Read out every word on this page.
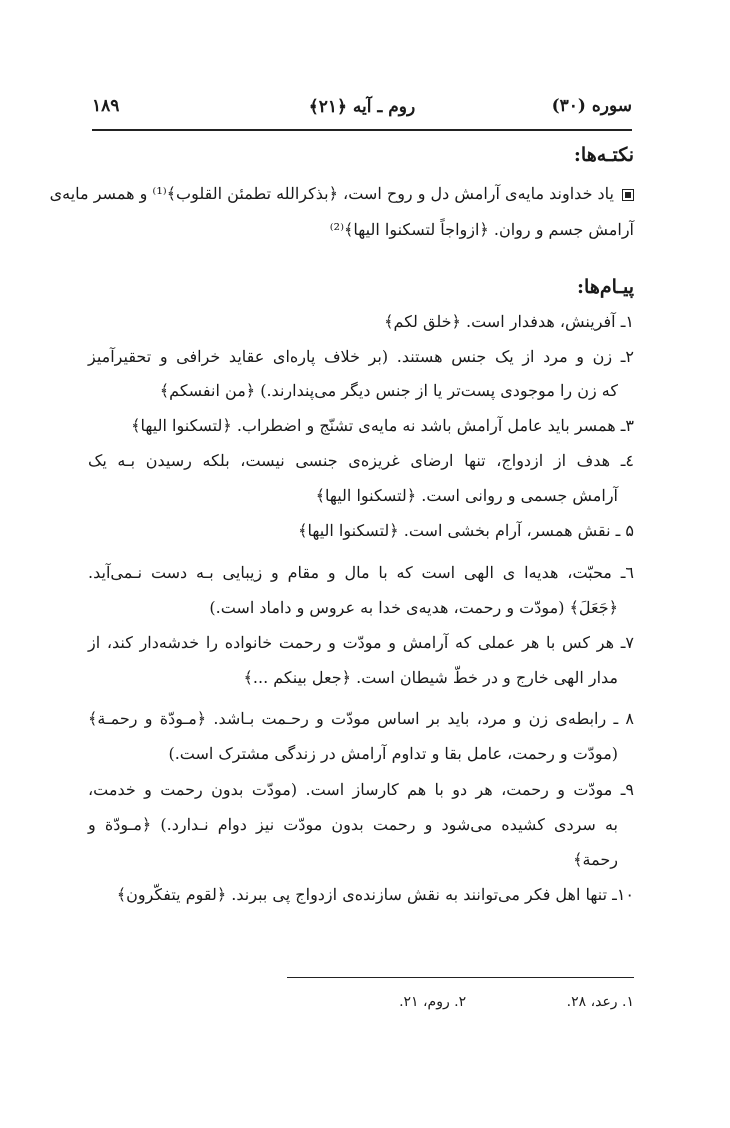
سوره (۳۰)
روم ـ آیه ﴿۲۱﴾
۱۸۹
نکتـه‌ها:
یاد خداوند مایه‌ی آرامش دل و روح است، ﴿بذکرالله تطمئن القلوب﴾⁽¹⁾ و همسر مایه‌ی
آرامش جسم و روان. ﴿ازواجاً لتسکنوا الیها﴾⁽²⁾
پیـام‌ها:
۱ـ آفرینش، هدفدار است. ﴿خلق لکم﴾
۲ـ زن و مرد از یک جنس هستند. (بر خلاف پاره‌ای عقاید خرافی و تحقیرآمیز
که زن را موجودی پست‌تر یا از جنس دیگر می‌پندارند.) ﴿من انفسکم﴾
۳ـ همسر باید عامل آرامش باشد نه مایه‌ی تشنّج و اضطراب. ﴿لتسکنوا الیها﴾
٤ـ هدف از ازدواج، تنها ارضای غریزه‌ی جنسی نیست، بلکه رسیدن بـه یک
آرامش جسمی و روانی است. ﴿لتسکنوا الیها﴾
۵ ـ نقش همسر، آرام بخشی است. ﴿لتسکنوا الیها﴾
٦ـ محبّت، هدیه‌ا ی الهی است که با مال و مقام و زیبایی بـه دست نـمی‌آید.
﴿جَعَلَ﴾ (مودّت و رحمت، هدیه‌ی خدا به عروس و داماد است.)
۷ـ هر کس با هر عملی که آرامش و مودّت و رحمت خانواده را خدشه‌دار کند، از
مدار الهی خارج و در خطّ شیطان است. ﴿جعل بینکم ...﴾
۸ ـ رابطه‌ی زن و مرد، باید بر اساس مودّت و رحـمت بـاشد. ﴿مـودّة و رحمـة﴾
(مودّت و رحمت، عامل بقا و تداوم آرامش در زندگی مشترک است.)
۹ـ مودّت و رحمت، هر دو با هم کارساز است. (مودّت بدون رحمت و خدمت،
به سردی کشیده می‌شود و رحمت بدون مودّت نیز دوام نـدارد.) ﴿مـودّة و
رحمة﴾
۱۰ـ تنها اهل فکر می‌توانند به نقش سازنده‌ی ازدواج پی ببرند. ﴿لقوم یتفکّرون﴾
۱. رعد، ۲۸. ۲. روم، ۲۱.
